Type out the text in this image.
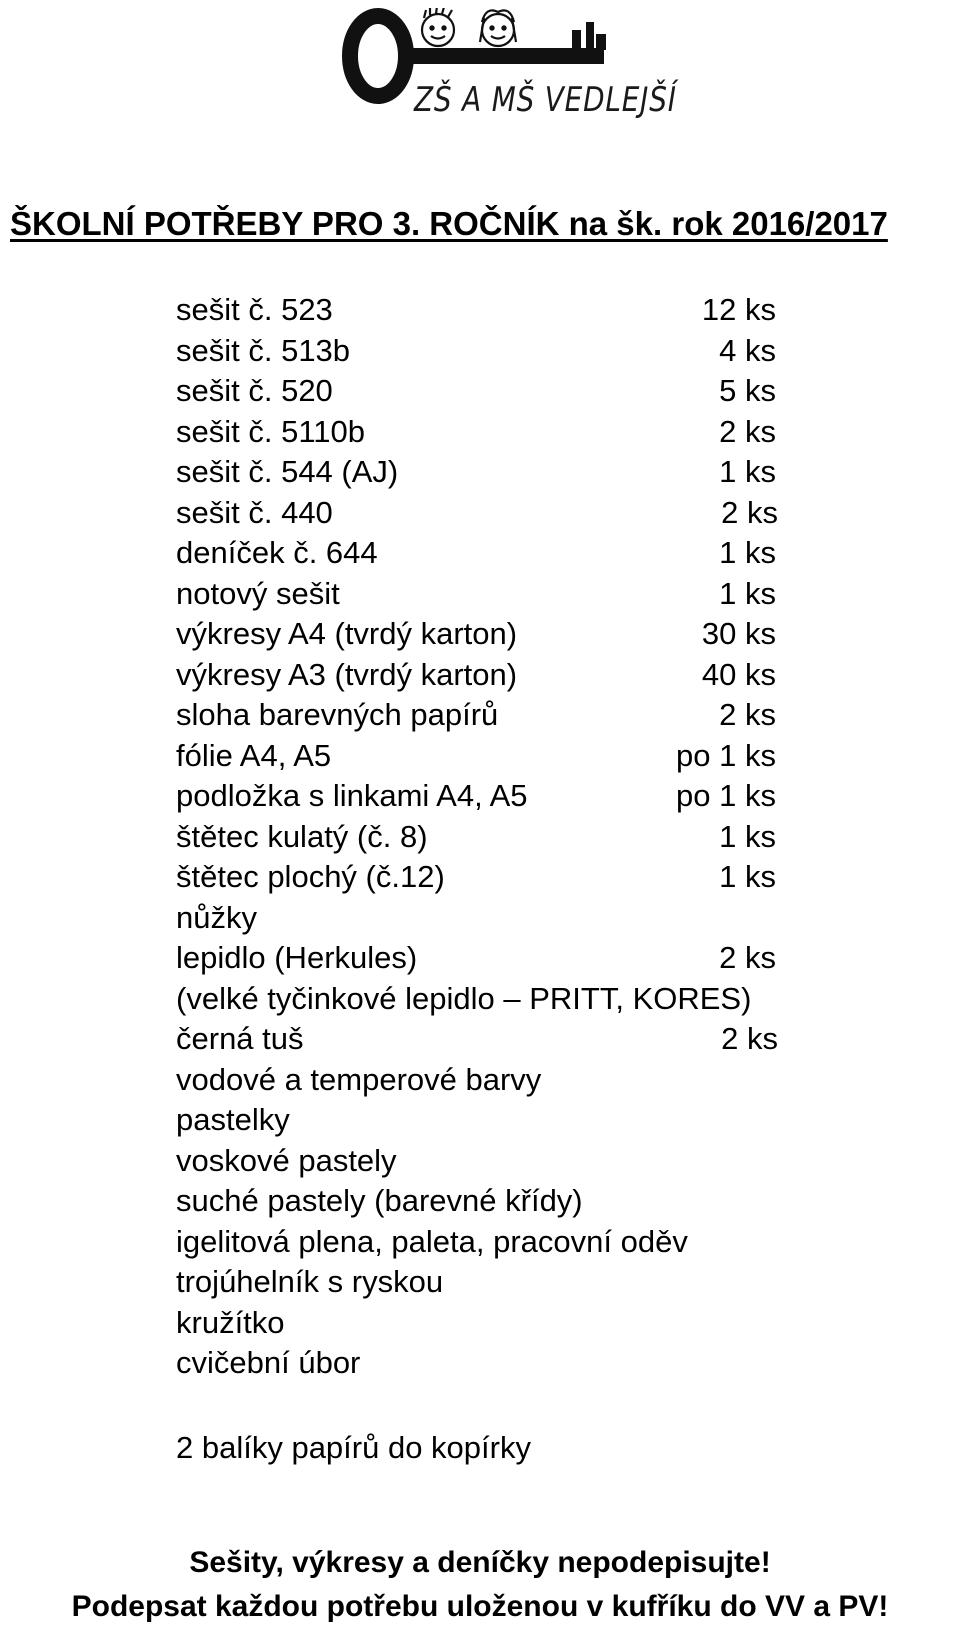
ZŠ A MŠ VEDLEJŠÍ
ŠKOLNÍ POTŘEBY PRO 3. ROČNÍK na šk. rok 2016/2017
sešit č. 523	12 ks
sešit č. 513b	4 ks
sešit č. 520	5 ks
sešit č. 5110b	2 ks
sešit č. 544 (AJ)	1 ks
sešit č. 440	2 ks
deníček č. 644	1 ks
notový sešit	1 ks
výkresy A4 (tvrdý karton)	30 ks
výkresy A3 (tvrdý karton)	40 ks
sloha barevných papírů	2 ks
fólie A4, A5	po 1 ks
podložka s linkami A4, A5	po 1 ks
štětec kulatý (č. 8)	1 ks
štětec plochý (č.12)	1 ks
nůžky
lepidlo (Herkules)	2 ks
(velké tyčinkové lepidlo – PRITT, KORES)
černá tuš	2 ks
vodové a temperové barvy
pastelky
voskové pastely
suché pastely (barevné křídy)
igelitová plena, paleta, pracovní oděv
trojúhelník s ryskou
kružítko
cvičební úbor
2 balíky papírů do kopírky
Sešity, výkresy a deníčky nepodepisujte!
Podepsat každou potřebu uloženou v kufříku do VV a PV!
